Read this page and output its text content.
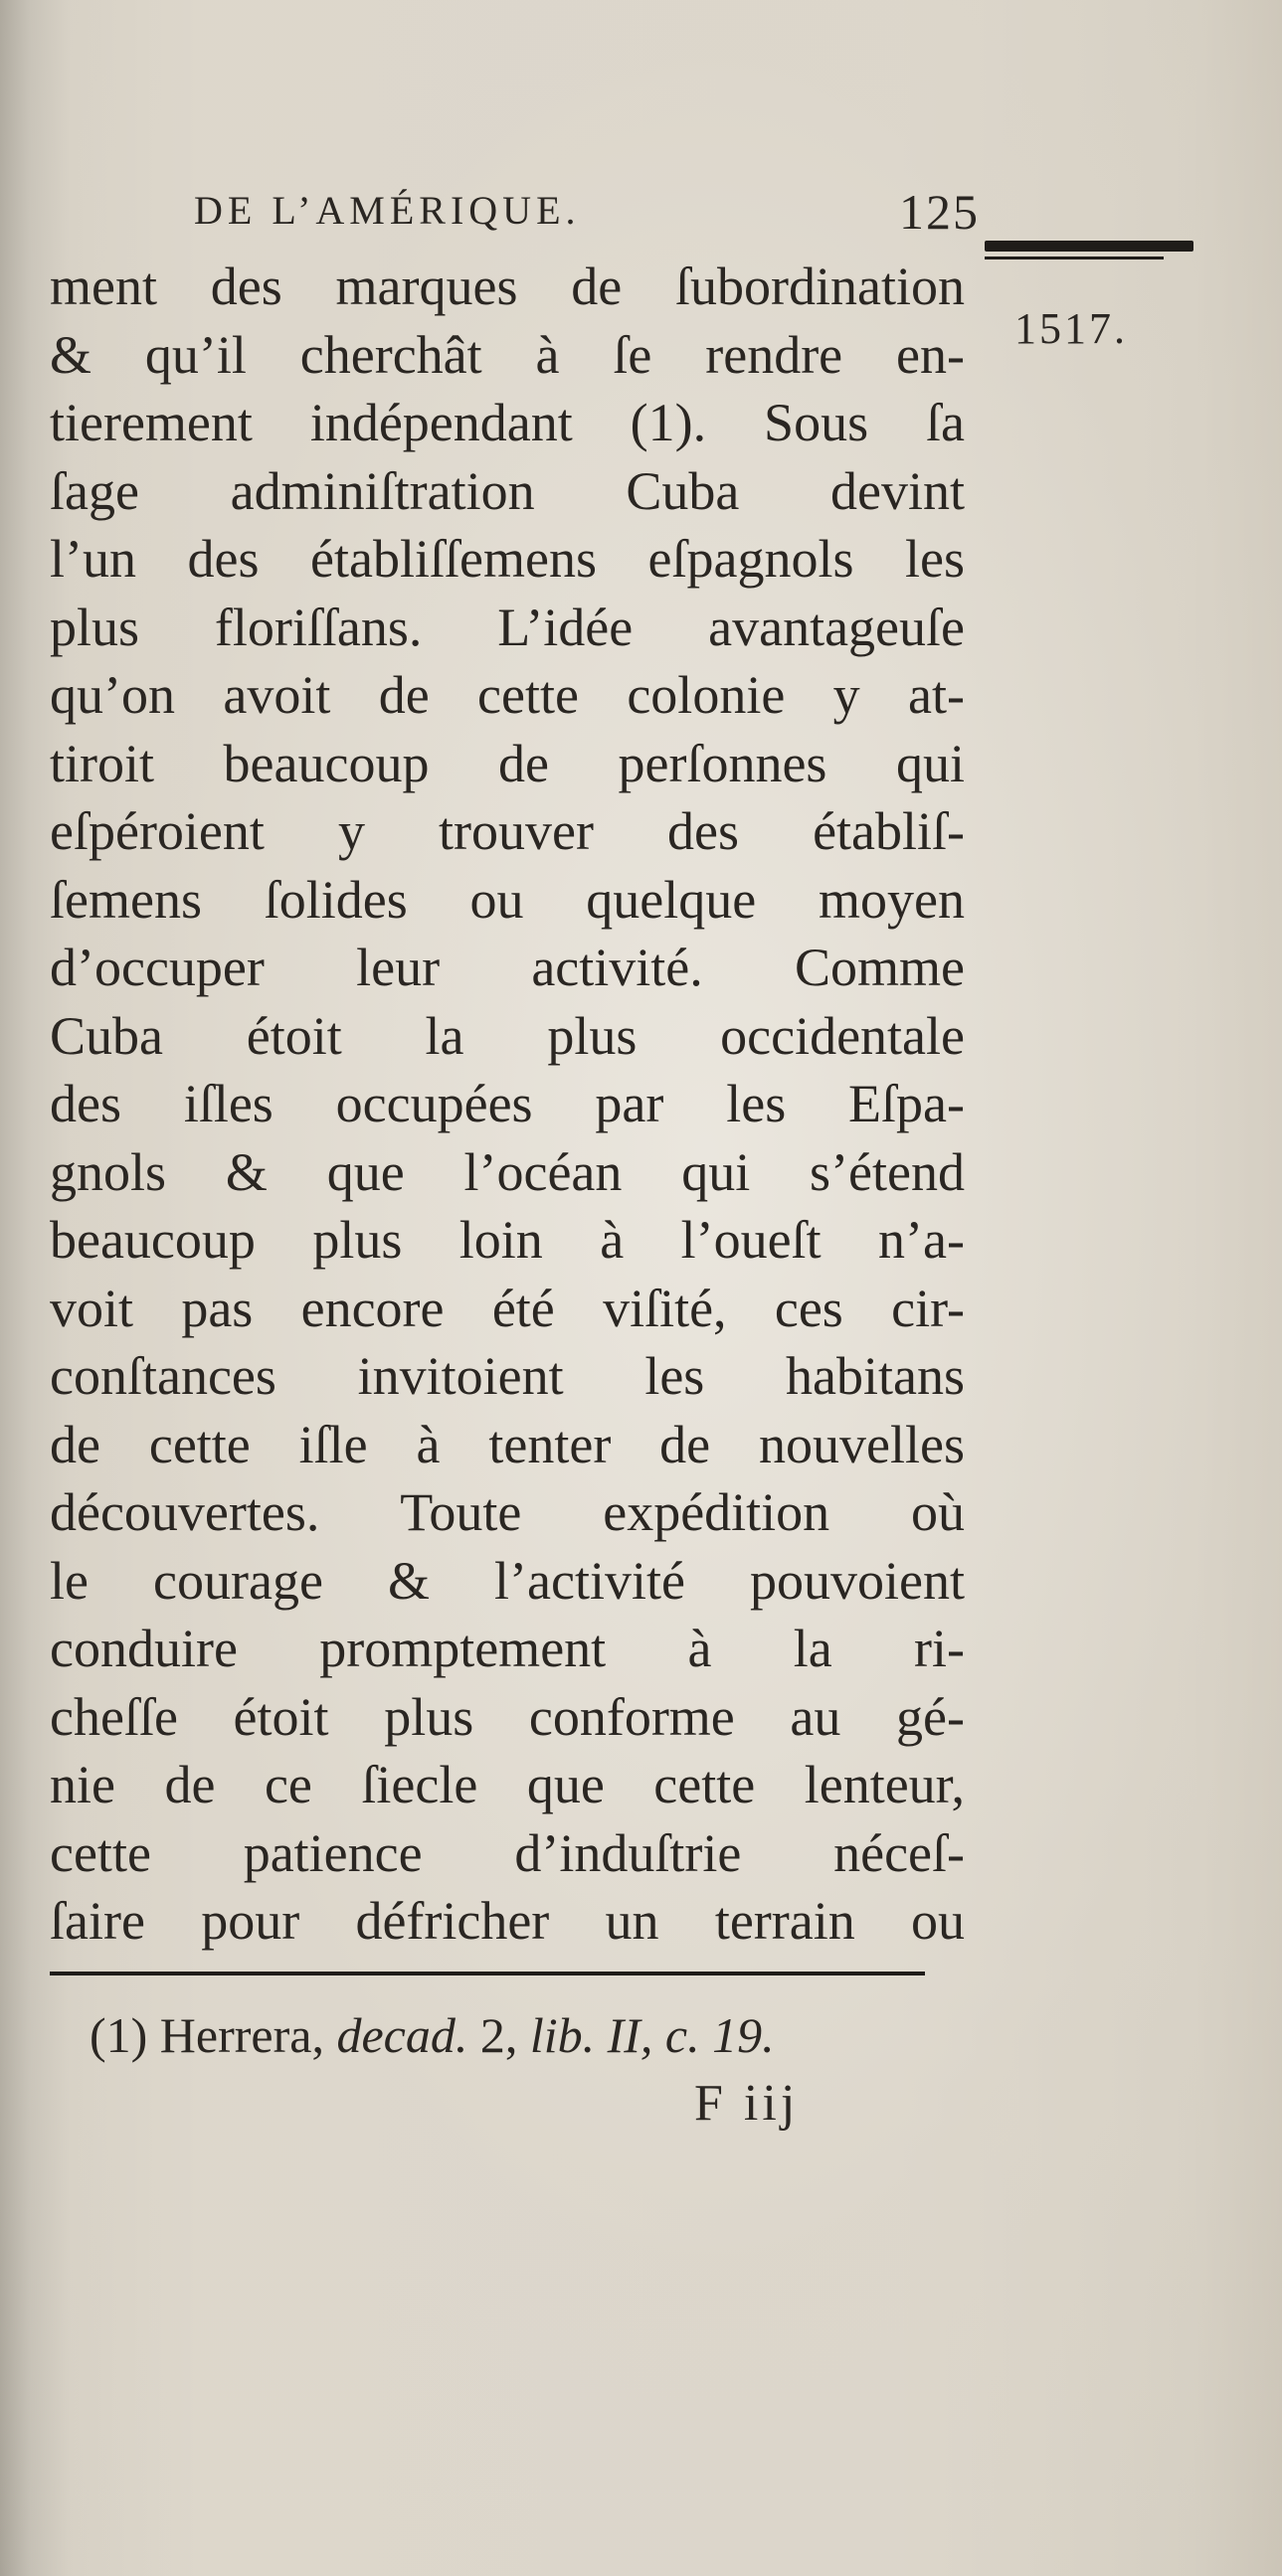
DE L’AMÉRIQUE.	125
1517.
ment des marques de ſubordination
& qu’il cherchât à ſe rendre en-
tierement indépendant (1). Sous ſa
ſage adminiſtration Cuba devint
l’un des établiſſemens eſpagnols les
plus floriſſans. L’idée avantageuſe
qu’on avoit de cette colonie y at-
tiroit beaucoup de perſonnes qui
eſpéroient y trouver des établiſ-
ſemens ſolides ou quelque moyen
d’occuper leur activité. Comme
Cuba étoit la plus occidentale
des iſles occupées par les Eſpa-
gnols & que l’océan qui s’étend
beaucoup plus loin à l’oueſt n’a-
voit pas encore été viſité, ces cir-
conſtances invitoient les habitans
de cette iſle à tenter de nouvelles
découvertes. Toute expédition où
le courage & l’activité pouvoient
conduire promptement à la ri-
cheſſe étoit plus conforme au gé-
nie de ce ſiecle que cette lenteur,
cette patience d’induſtrie néceſ-
ſaire pour défricher un terrain ou
(1) Herrera, decad. 2, lib. II, c. 19.
F iij
